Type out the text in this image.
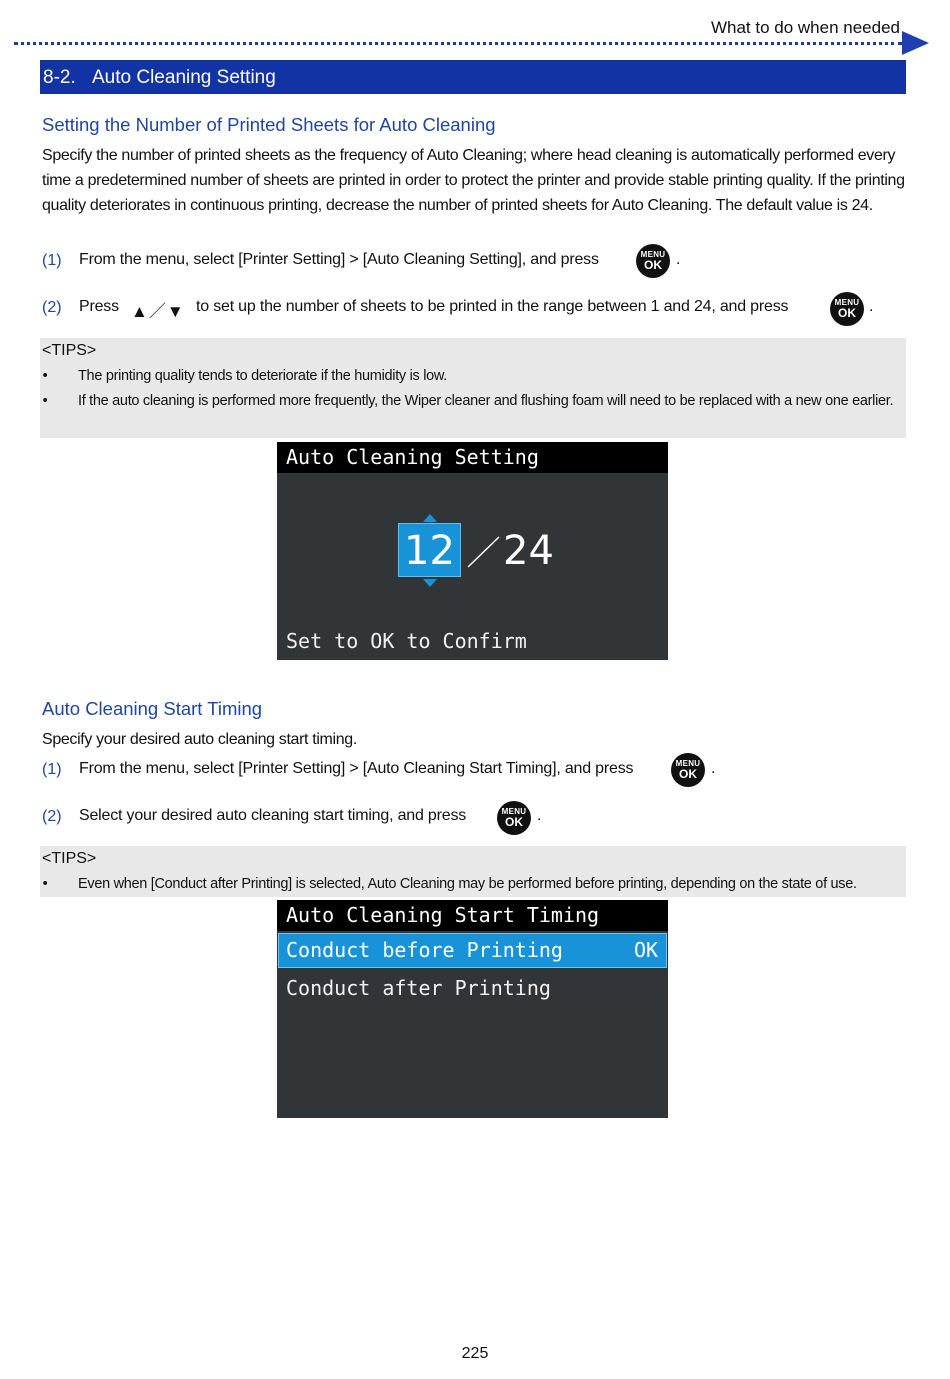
What to do when needed
8-2. Auto Cleaning Setting
Setting the Number of Printed Sheets for Auto Cleaning
Specify the number of printed sheets as the frequency of Auto Cleaning; where head cleaning is automatically performed every time a predetermined number of sheets are printed in order to protect the printer and provide stable printing quality. If the printing quality deteriorates in continuous printing, decrease the number of printed sheets for Auto Cleaning. The default value is 24.
(1) From the menu, select [Printer Setting] > [Auto Cleaning Setting], and press	MENU
OK .
(2) Press ▲／▼ to set up the number of sheets to be printed in the range between 1 and 24, and press	MENU
OK .
<TIPS>
• The printing quality tends to deteriorate if the humidity is low.
• If the auto cleaning is performed more frequently, the Wiper cleaner and flushing foam will need to be replaced with a new one earlier.
Auto Cleaning Setting
12 24
Set to OK to Confirm
Auto Cleaning Start Timing
Specify your desired auto cleaning start timing.
(1) From the menu, select [Printer Setting] > [Auto Cleaning Start Timing], and press	MENU
OK .
(2) Select your desired auto cleaning start timing, and press	MENU
OK .
<TIPS>
• Even when [Conduct after Printing] is selected, Auto Cleaning may be performed before printing, depending on the state of use.
Auto Cleaning Start Timing
Conduct before Printing	OK
Conduct after Printing
225
